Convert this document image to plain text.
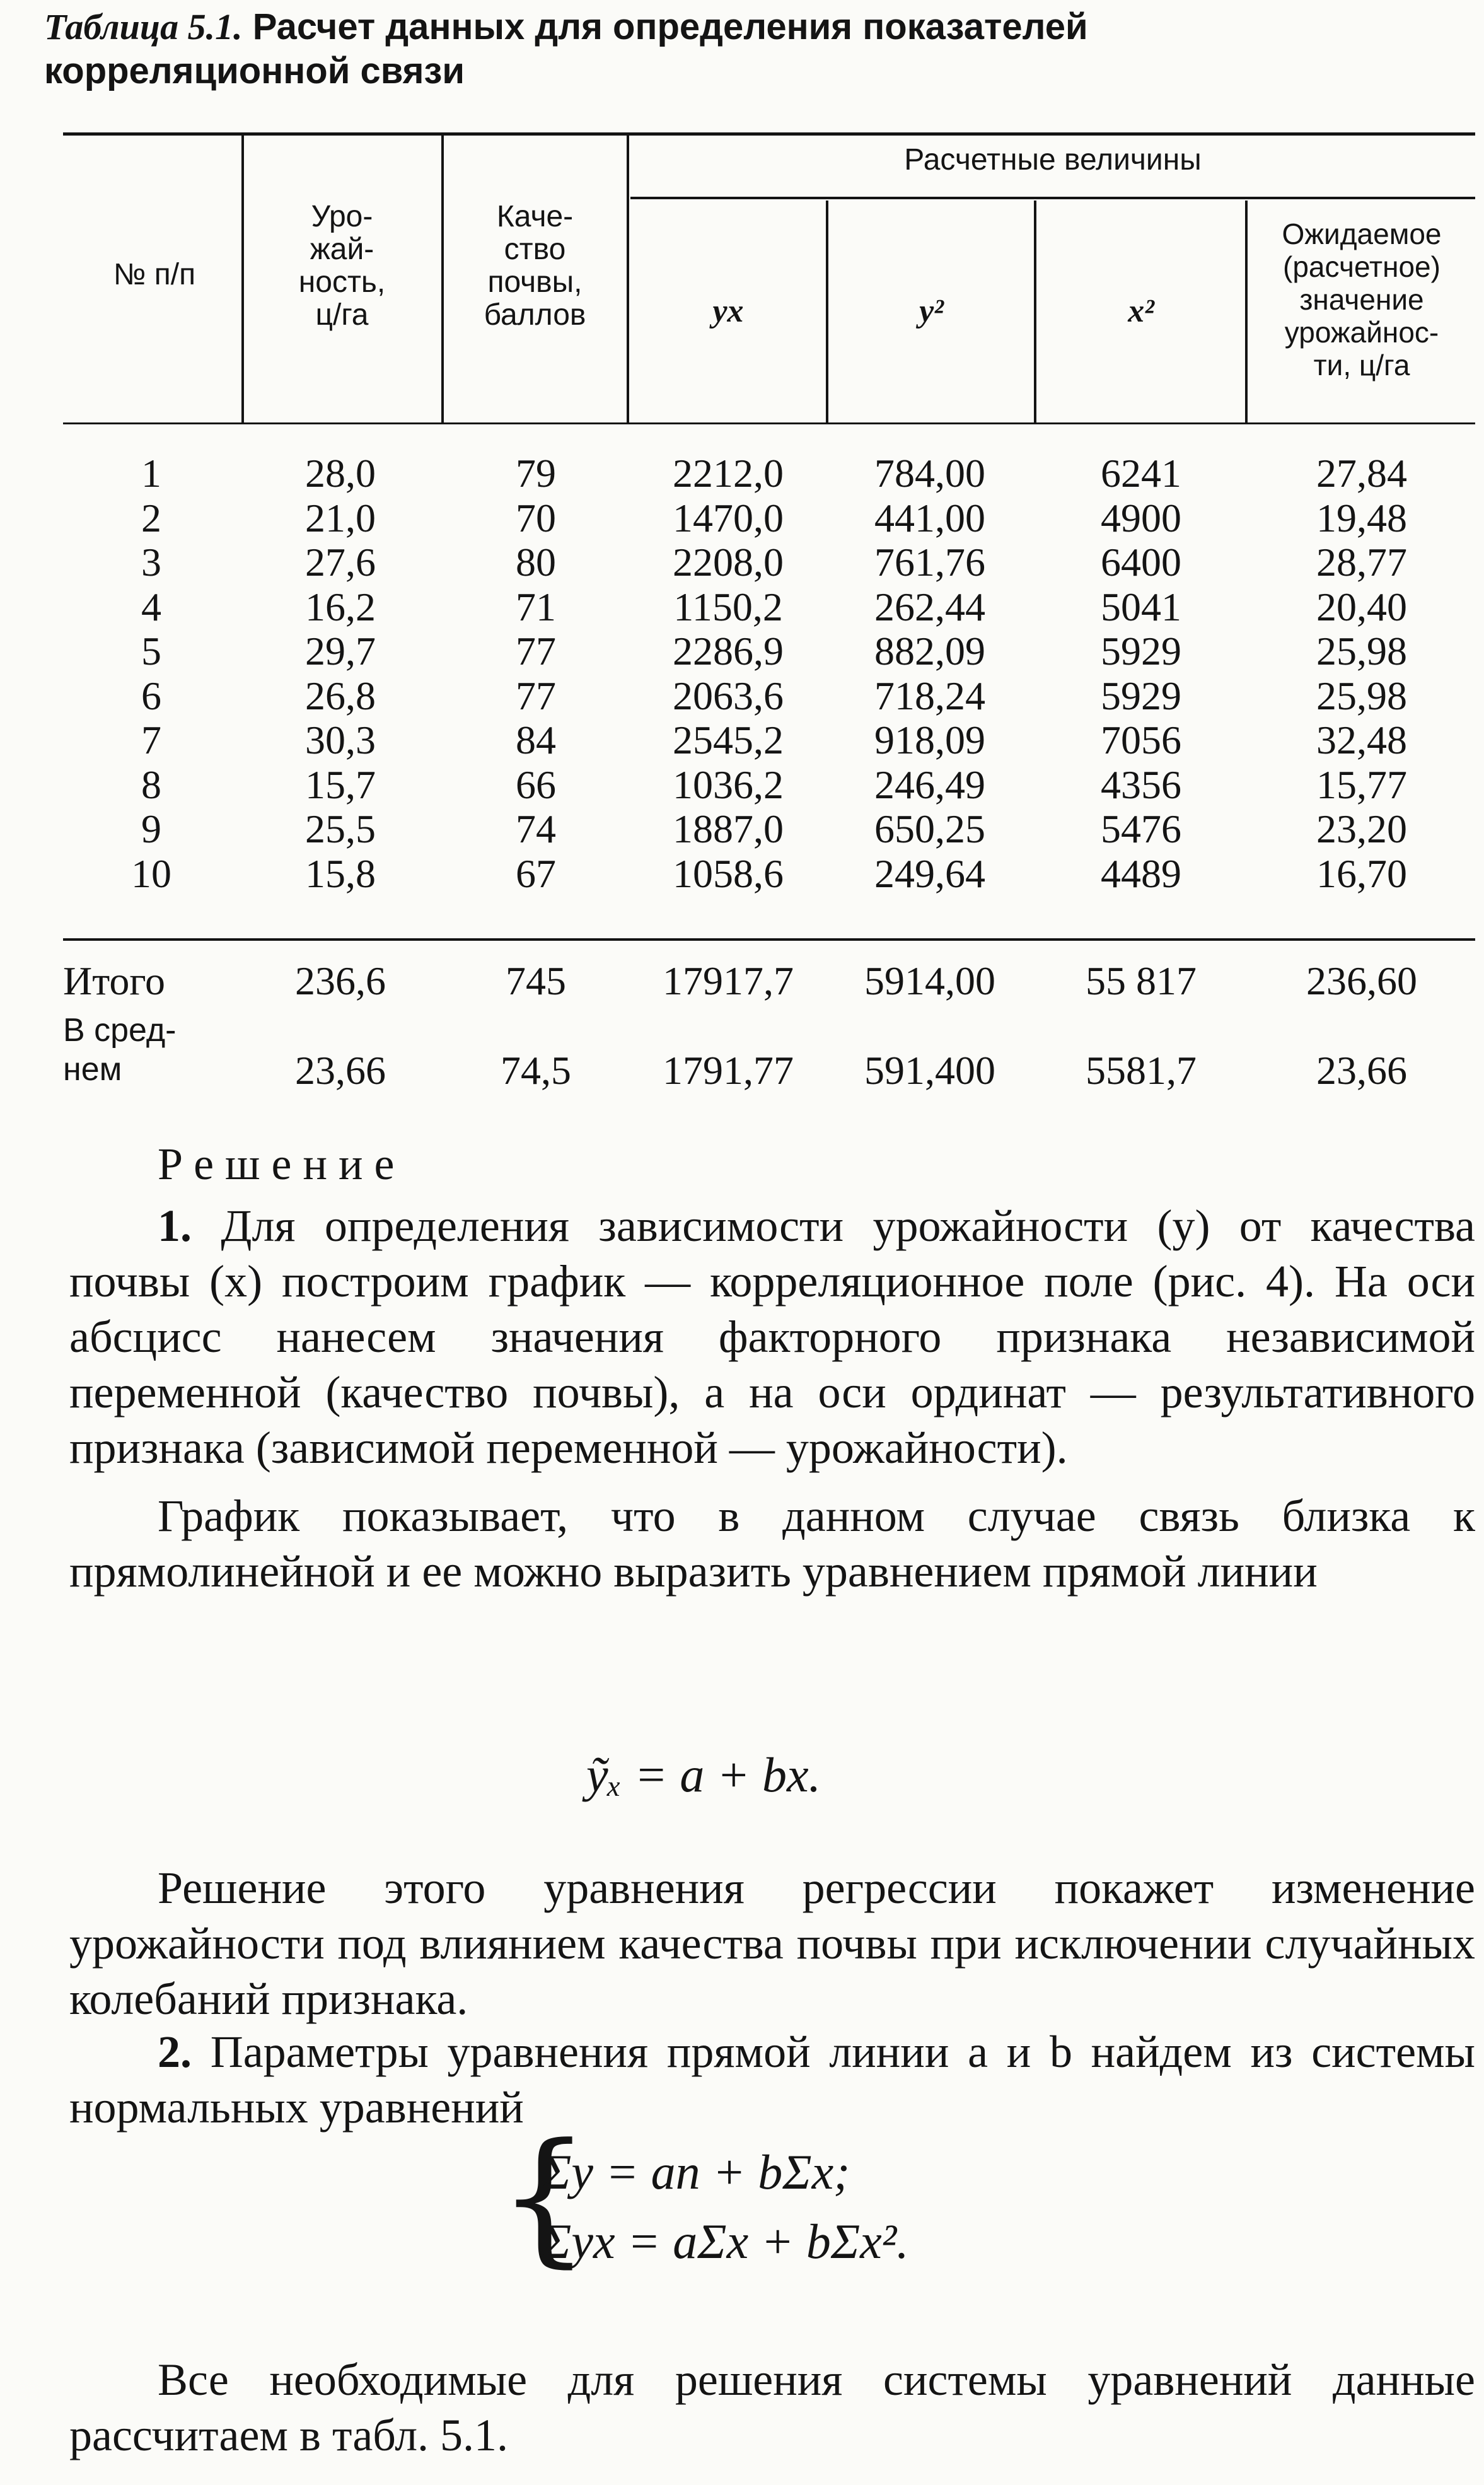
Таблица 5.1. Расчет данных для определения показателей
корреляционной связи
№ п/п
Уро-
жай-
ность,
ц/га
Каче-
ство
почвы,
баллов
Расчетные величины
yx	y²	x²
Ожидаемое
(расчетное)
значение
урожайнос-
ти, ц/га
1	28,0	79	2212,0	784,00	6241	27,84
2	21,0	70	1470,0	441,00	4900	19,48
3	27,6	80	2208,0	761,76	6400	28,77
4	16,2	71	1150,2	262,44	5041	20,40
5	29,7	77	2286,9	882,09	5929	25,98
6	26,8	77	2063,6	718,24	5929	25,98
7	30,3	84	2545,2	918,09	7056	32,48
8	15,7	66	1036,2	246,49	4356	15,77
9	25,5	74	1887,0	650,25	5476	23,20
10	15,8	67	1058,6	249,64	4489	16,70
Итого	236,6	745	17917,7	5914,00	55 817	236,60
В сред-
нем	23,66	74,5	1791,77	591,400	5581,7	23,66
Решение
1. Для определения зависимости урожайности (y) от качества почвы (x) построим график — корреляционное поле (рис. 4). На оси абсцисс нанесем значения факторного признака независимой переменной (качество почвы), а на оси ординат — результативного признака (зависимой переменной — урожайности).
График показывает, что в данном случае связь близка к прямолинейной и ее можно выразить уравнением прямой линии
ỹₓ = a + bx.
Решение этого уравнения регрессии покажет изменение урожайности под влиянием качества почвы при исключении случайных колебаний признака.
2. Параметры уравнения прямой линии a и b найдем из системы нормальных уравнений
{
Σy = an + bΣx;
Σyx = aΣx + bΣx².
Все необходимые для решения системы уравнений данные рассчитаем в табл. 5.1.
